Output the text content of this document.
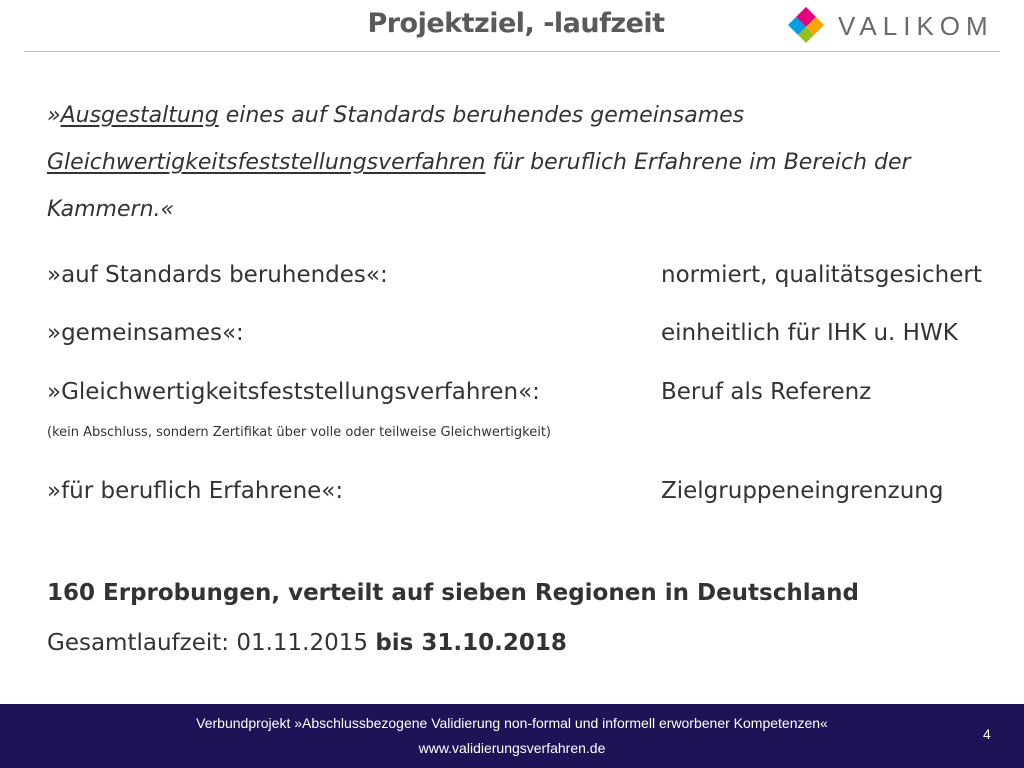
Projektziel, -laufzeit	VALIKOM
»Ausgestaltung eines auf Standards beruhendes gemeinsames Gleichwertigkeitsfeststellungsverfahren für beruflich Erfahrene im Bereich der Kammern.«
»auf Standards beruhendes«:	normiert, qualitätsgesichert
»gemeinsames«:	einheitlich für IHK u. HWK
»Gleichwertigkeitsfeststellungsverfahren«:	Beruf als Referenz
(kein Abschluss, sondern Zertifikat über volle oder teilweise Gleichwertigkeit)
»für beruflich Erfahrene«:	Zielgruppeneingrenzung
160 Erprobungen, verteilt auf sieben Regionen in Deutschland
Gesamtlaufzeit: 01.11.2015 bis 31.10.2018
Verbundprojekt »Abschlussbezogene Validierung non-formal und informell erworbener Kompetenzen«
www.validierungsverfahren.de
4
